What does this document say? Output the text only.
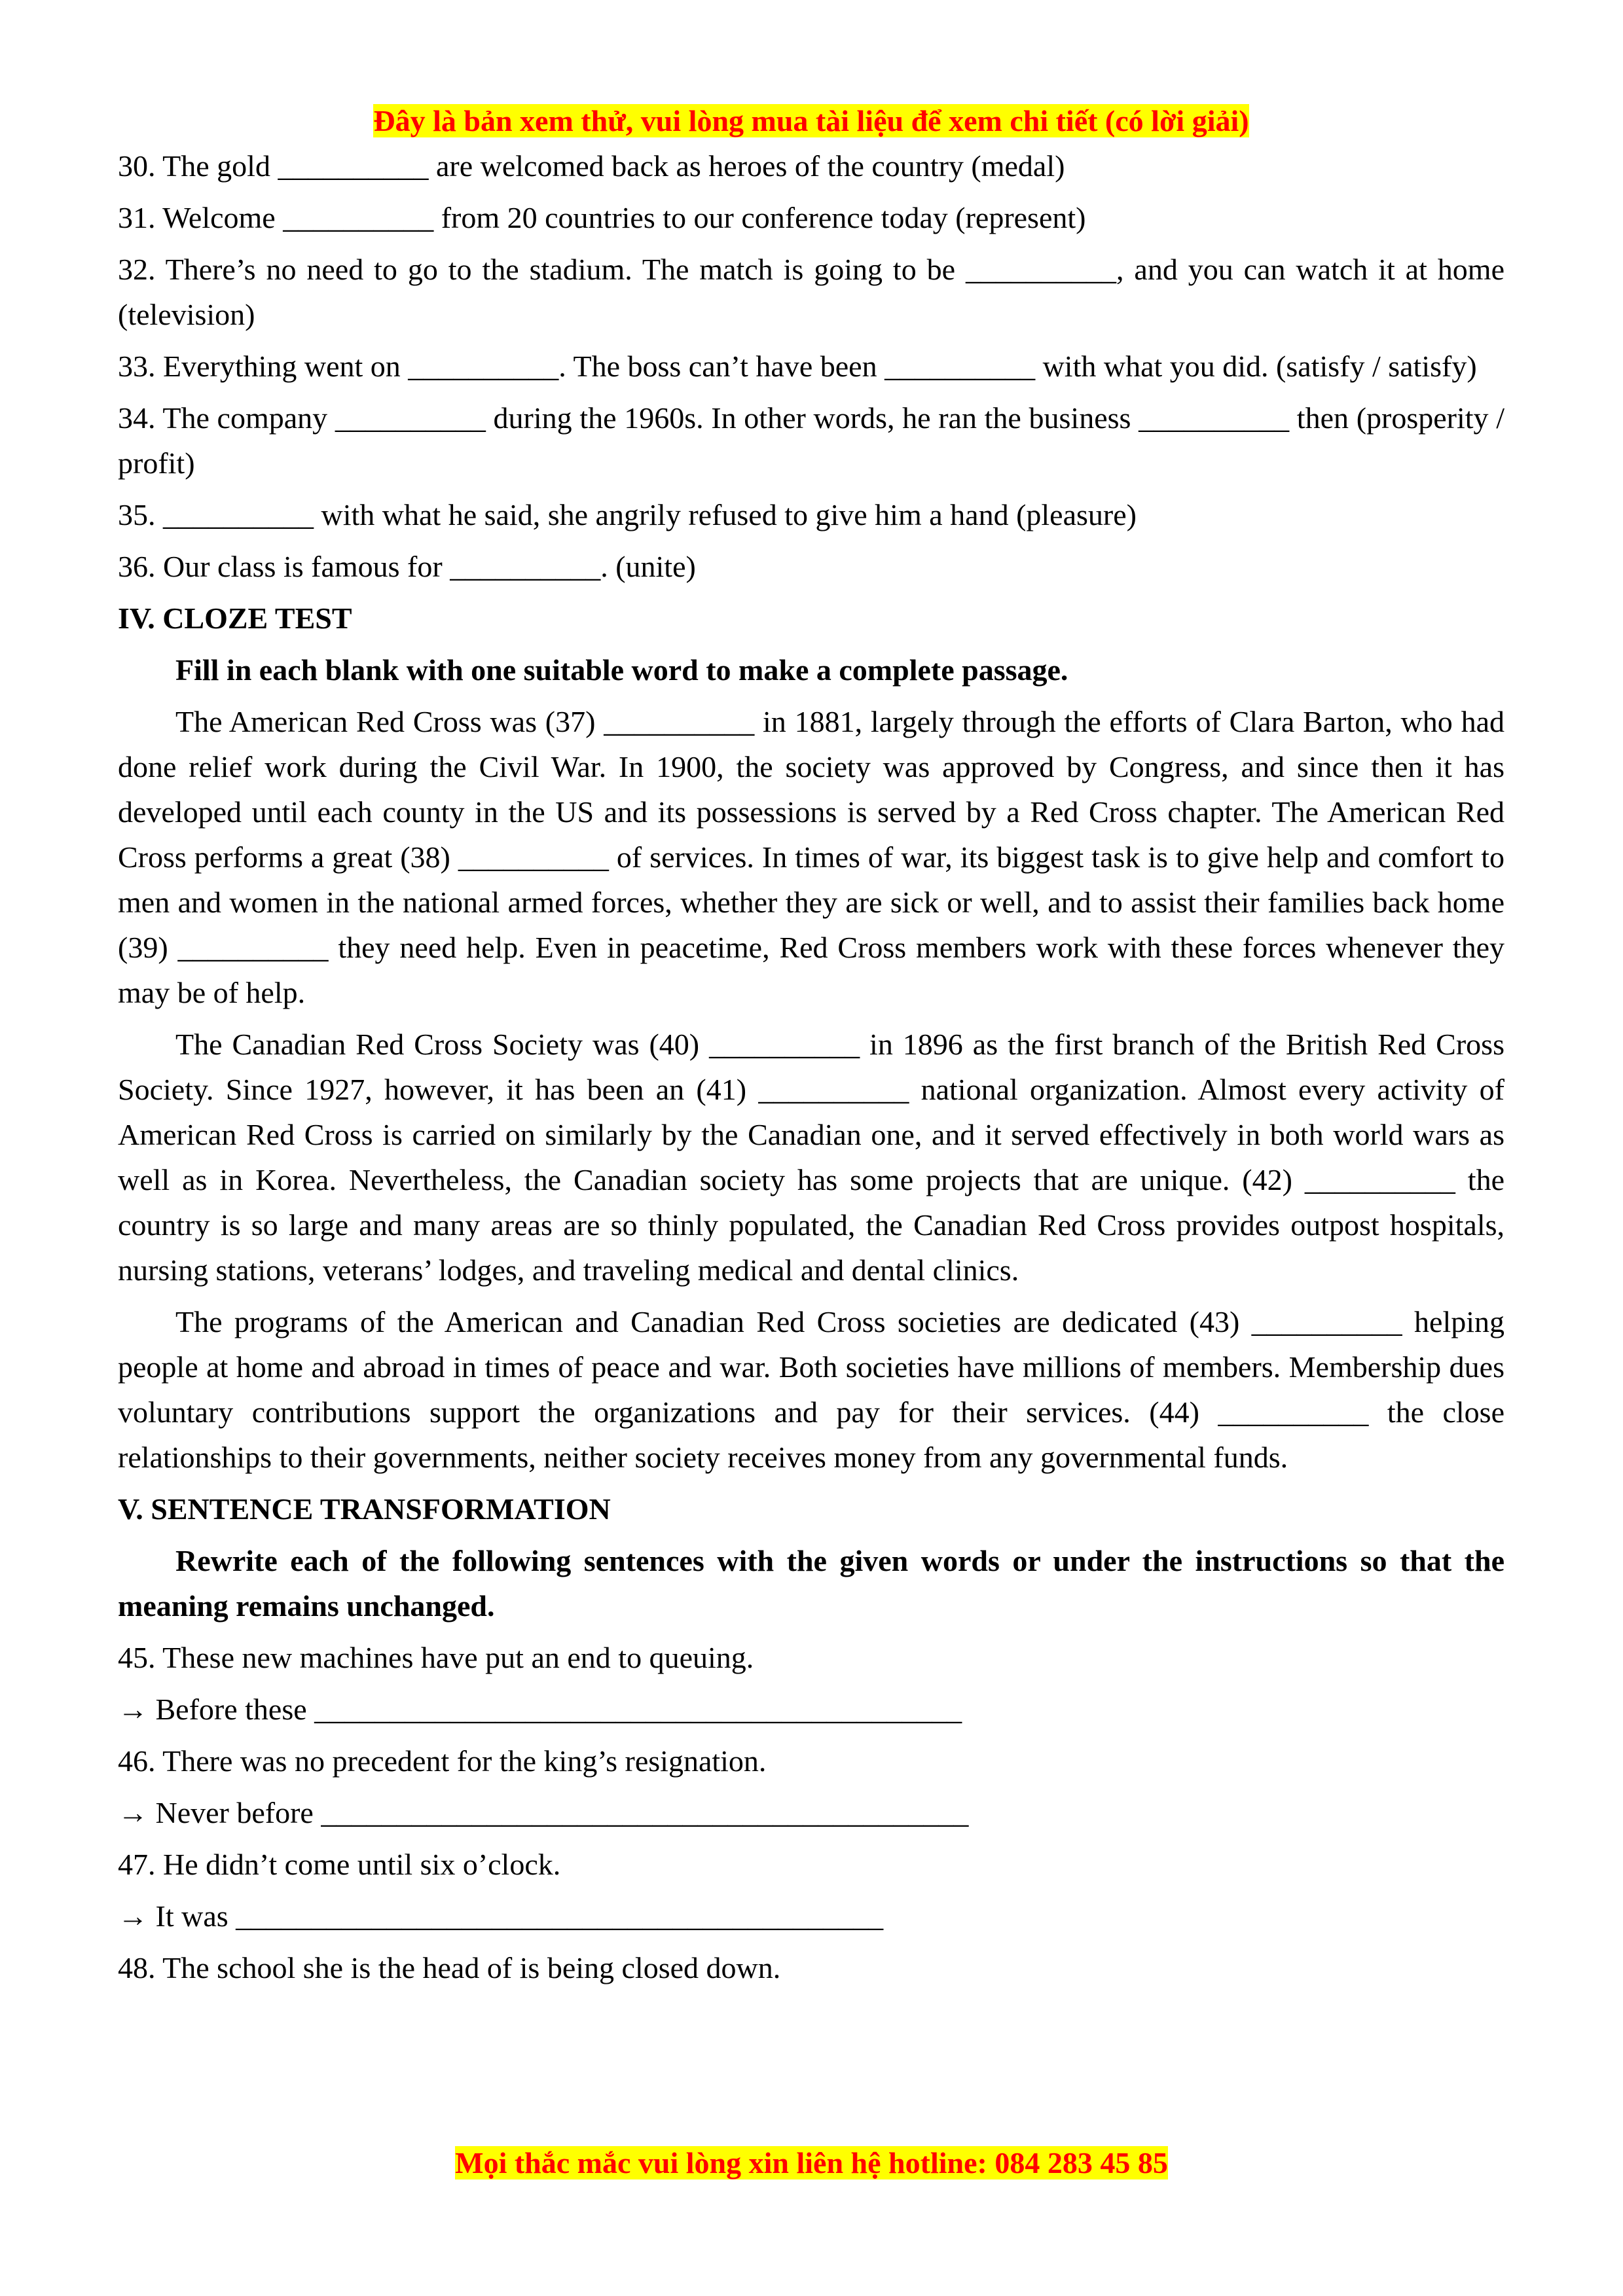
Đây là bản xem thử, vui lòng mua tài liệu để xem chi tiết (có lời giải)

30. The gold __________ are welcomed back as heroes of the country (medal)

31. Welcome __________ from 20 countries to our conference today (represent)

32. There’s no need to go to the stadium. The match is going to be __________, and you can watch it at home (television)

33. Everything went on __________. The boss can’t have been __________ with what you did. (satisfy / satisfy)

34. The company __________ during the 1960s. In other words, he ran the business __________ then (prosperity / profit)

35. __________ with what he said, she angrily refused to give him a hand (pleasure)

36. Our class is famous for __________. (unite)

IV. CLOZE TEST

Fill in each blank with one suitable word to make a complete passage.

The American Red Cross was (37) __________ in 1881, largely through the efforts of Clara Barton, who had done relief work during the Civil War. In 1900, the society was approved by Congress, and since then it has developed until each county in the US and its possessions is served by a Red Cross chapter. The American Red Cross performs a great (38) __________ of services. In times of war, its biggest task is to give help and comfort to men and women in the national armed forces, whether they are sick or well, and to assist their families back home (39) __________ they need help. Even in peacetime, Red Cross members work with these forces whenever they may be of help.

The Canadian Red Cross Society was (40) __________ in 1896 as the first branch of the British Red Cross Society. Since 1927, however, it has been an (41) __________ national organization. Almost every activity of American Red Cross is carried on similarly by the Canadian one, and it served effectively in both world wars as well as in Korea. Nevertheless, the Canadian society has some projects that are unique. (42) __________ the country is so large and many areas are so thinly populated, the Canadian Red Cross provides outpost hospitals, nursing stations, veterans’ lodges, and traveling medical and dental clinics.

The programs of the American and Canadian Red Cross societies are dedicated (43) __________ helping people at home and abroad in times of peace and war. Both societies have millions of members. Membership dues voluntary contributions support the organizations and pay for their services. (44) __________ the close relationships to their governments, neither society receives money from any governmental funds.

V. SENTENCE TRANSFORMATION

Rewrite each of the following sentences with the given words or under the instructions so that the meaning remains unchanged.

45. These new machines have put an end to queuing.

→ Before these ___________________________________________

46. There was no precedent for the king’s resignation.

→ Never before ___________________________________________

47. He didn’t come until six o’clock.

→ It was ___________________________________________

48. The school she is the head of is being closed down.

Mọi thắc mắc vui lòng xin liên hệ hotline: 084 283 45 85
